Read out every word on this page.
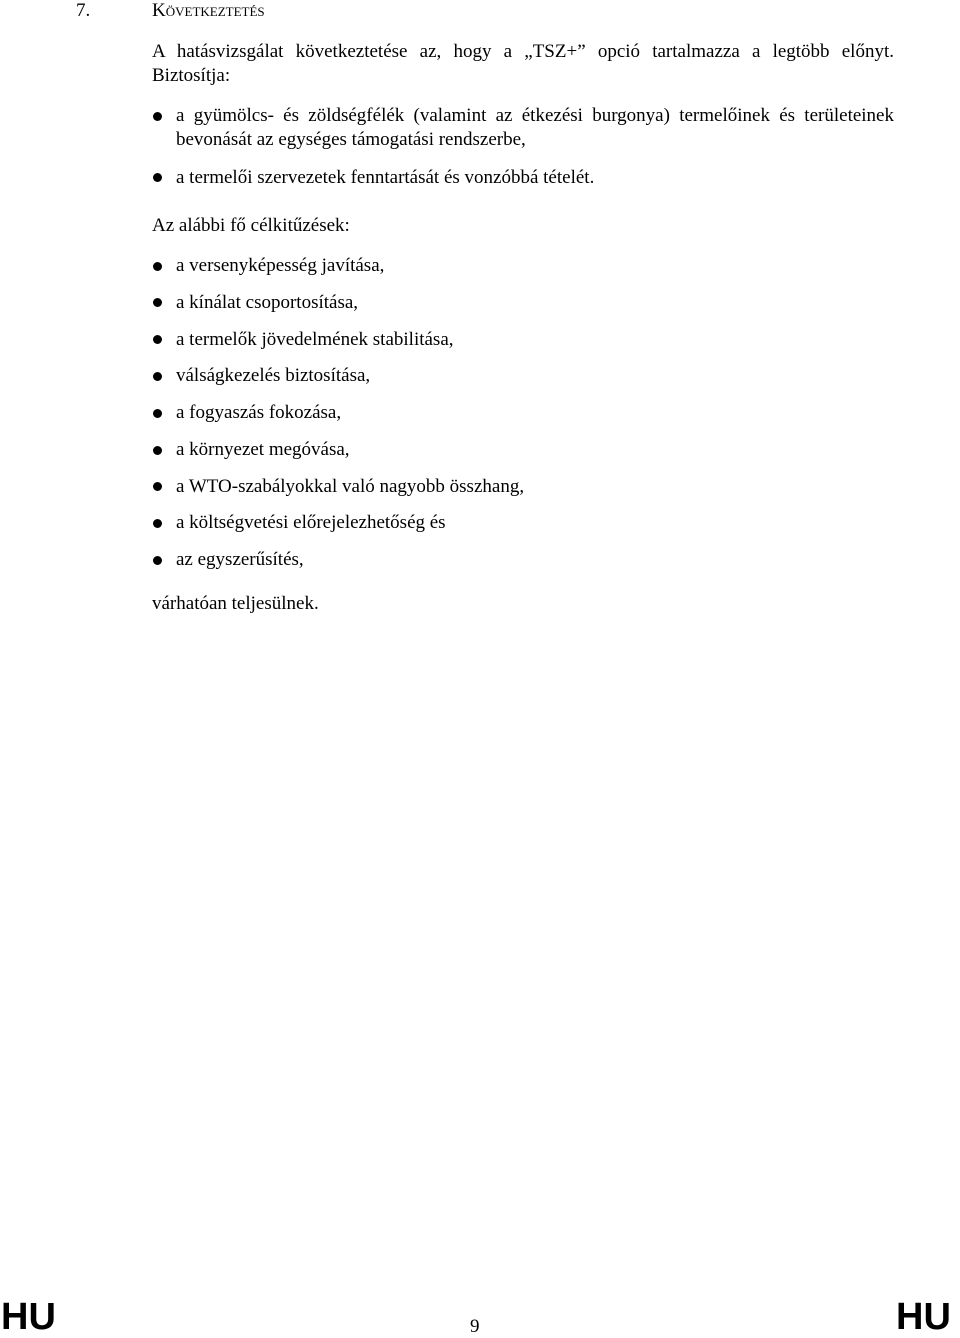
7.	Következtetés
A hatásvizsgálat következtetése az, hogy a „TSZ+” opció tartalmazza a legtöbb előnyt. Biztosítja:
a gyümölcs- és zöldségfélék (valamint az étkezési burgonya) termelőinek és területeinek bevonását az egységes támogatási rendszerbe,
a termelői szervezetek fenntartását és vonzóbbá tételét.
Az alábbi fő célkitűzések:
a versenyképesség javítása,
a kínálat csoportosítása,
a termelők jövedelmének stabilitása,
válságkezelés biztosítása,
a fogyaszás fokozása,
a környezet megóvása,
a WTO-szabályokkal való nagyobb összhang,
a költségvetési előrejelezhetőség és
az egyszerűsítés,
várhatóan teljesülnek.
HU	9	HU
